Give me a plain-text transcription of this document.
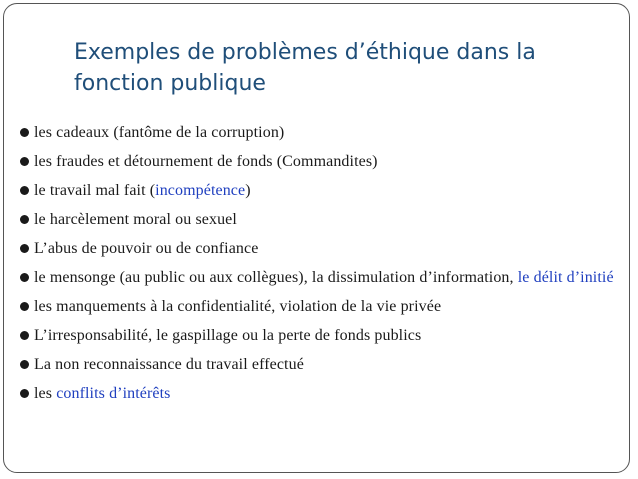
Exemples de problèmes d’éthique dans la fonction publique
les cadeaux (fantôme de la corruption)
les fraudes et détournement de fonds (Commandites)
le travail mal fait (incompétence)
le harcèlement moral ou sexuel
L’abus de pouvoir ou de confiance
le mensonge (au public ou aux collègues), la dissimulation d’information, le délit d’initié
les manquements à la confidentialité, violation de la vie privée
L’irresponsabilité, le gaspillage ou la perte de fonds publics
La non reconnaissance du travail effectué
les conflits d’intérêts
